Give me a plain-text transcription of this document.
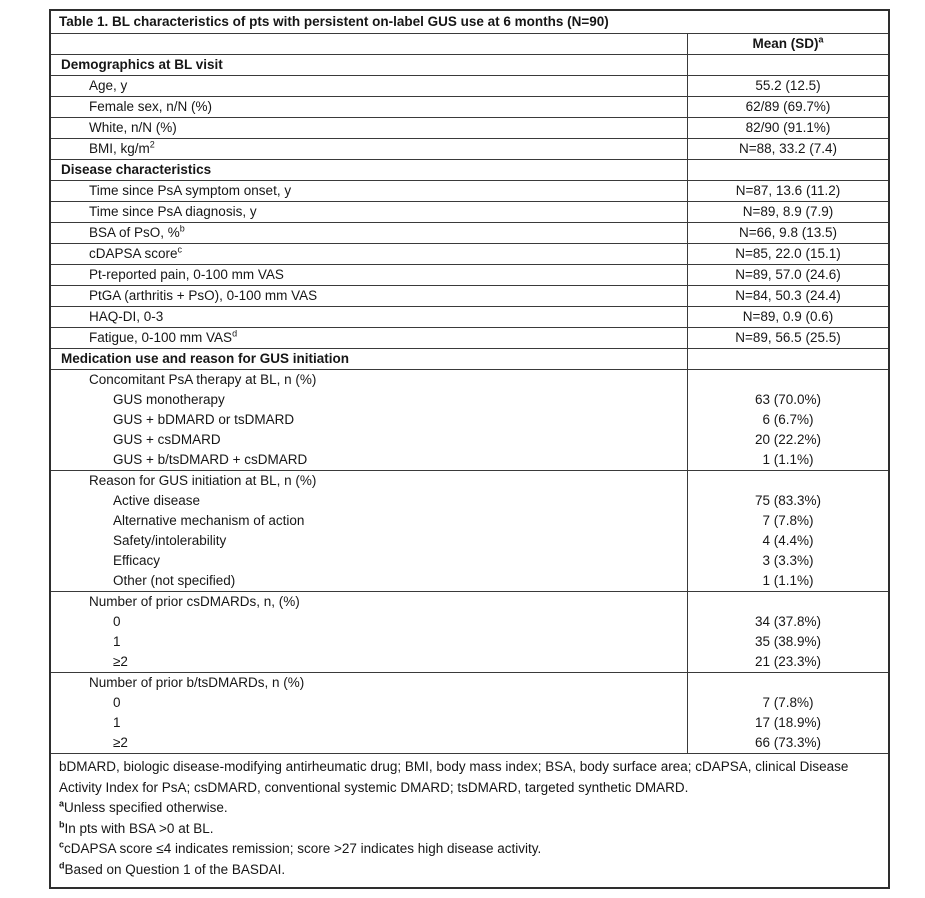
Table 1. BL characteristics of pts with persistent on-label GUS use at 6 months (N=90)	
	Mean (SD)$^a$
Demographics at BL visit	
Age, y	55.2 (12.5)
Female sex, n/N (%)	62/89 (69.7%)
White, n/N (%)	82/90 (91.1%)
BMI, $kg/m^2$	N=88, 33.2 (7.4)
Disease characteristics	
Time since PsA symptom onset, y	N=87, 13.6 (11.2)
Time since PsA diagnosis, y	N=89, 8.9 (7.9)
BSA of PsO, %$^b$	N=66, 9.8 (13.5)
cDAPSA score$^c$	N=85, 22.0 (15.1)
Pt-reported pain, 0-100 mm VAS	N=89, 57.0 (24.6)
PtGA (arthritis + PsO), 0-100 mm VAS	N=84, 50.3 (24.4)
HAQ-DI, 0-3	N=89, 0.9 (0.6)
Fatigue, 0-100 mm VAS$^d$	N=89, 56.5 (25.5)
Medication use and reason for GUS initiation	
Concomitant PsA therapy at BL, n (%)	
GUS monotherapy	63 (70.0%)
GUS + bDMARD or tsDMARD	6 (6.7%)
GUS + csDMARD	20 (22.2%)
GUS + b/tsDMARD + csDMARD	1 (1.1%)
Reason for GUS initiation at BL, n (%)	
Active disease	75 (83.3%)
Alternative mechanism of action	7 (7.8%)
Safety/intolerability	4 (4.4%)
Efficacy	3 (3.3%)
Other (not specified)	1 (1.1%)
Number of prior csDMARDs, n, (%)	
0	34 (37.8%)
1	35 (38.9%)
≥2	21 (23.3%)
Number of prior b/tsDMARDs, n (%)	
0	7 (7.8%)
1	17 (18.9%)
≥2	66 (73.3%)

bDMARD, biologic disease-modifying antirheumatic drug; BMI, body mass index; BSA, body surface area; cDAPSA, clinical Disease Activity Index for PsA; csDMARD, conventional systemic DMARD; tsDMARD, targeted synthetic DMARD.
$^a$Unless specified otherwise.
$^b$In pts with BSA >0 at BL.
$^c$cDAPSA score ≤4 indicates remission; score >27 indicates high disease activity.
$^d$Based on Question 1 of the BASDAI.	
